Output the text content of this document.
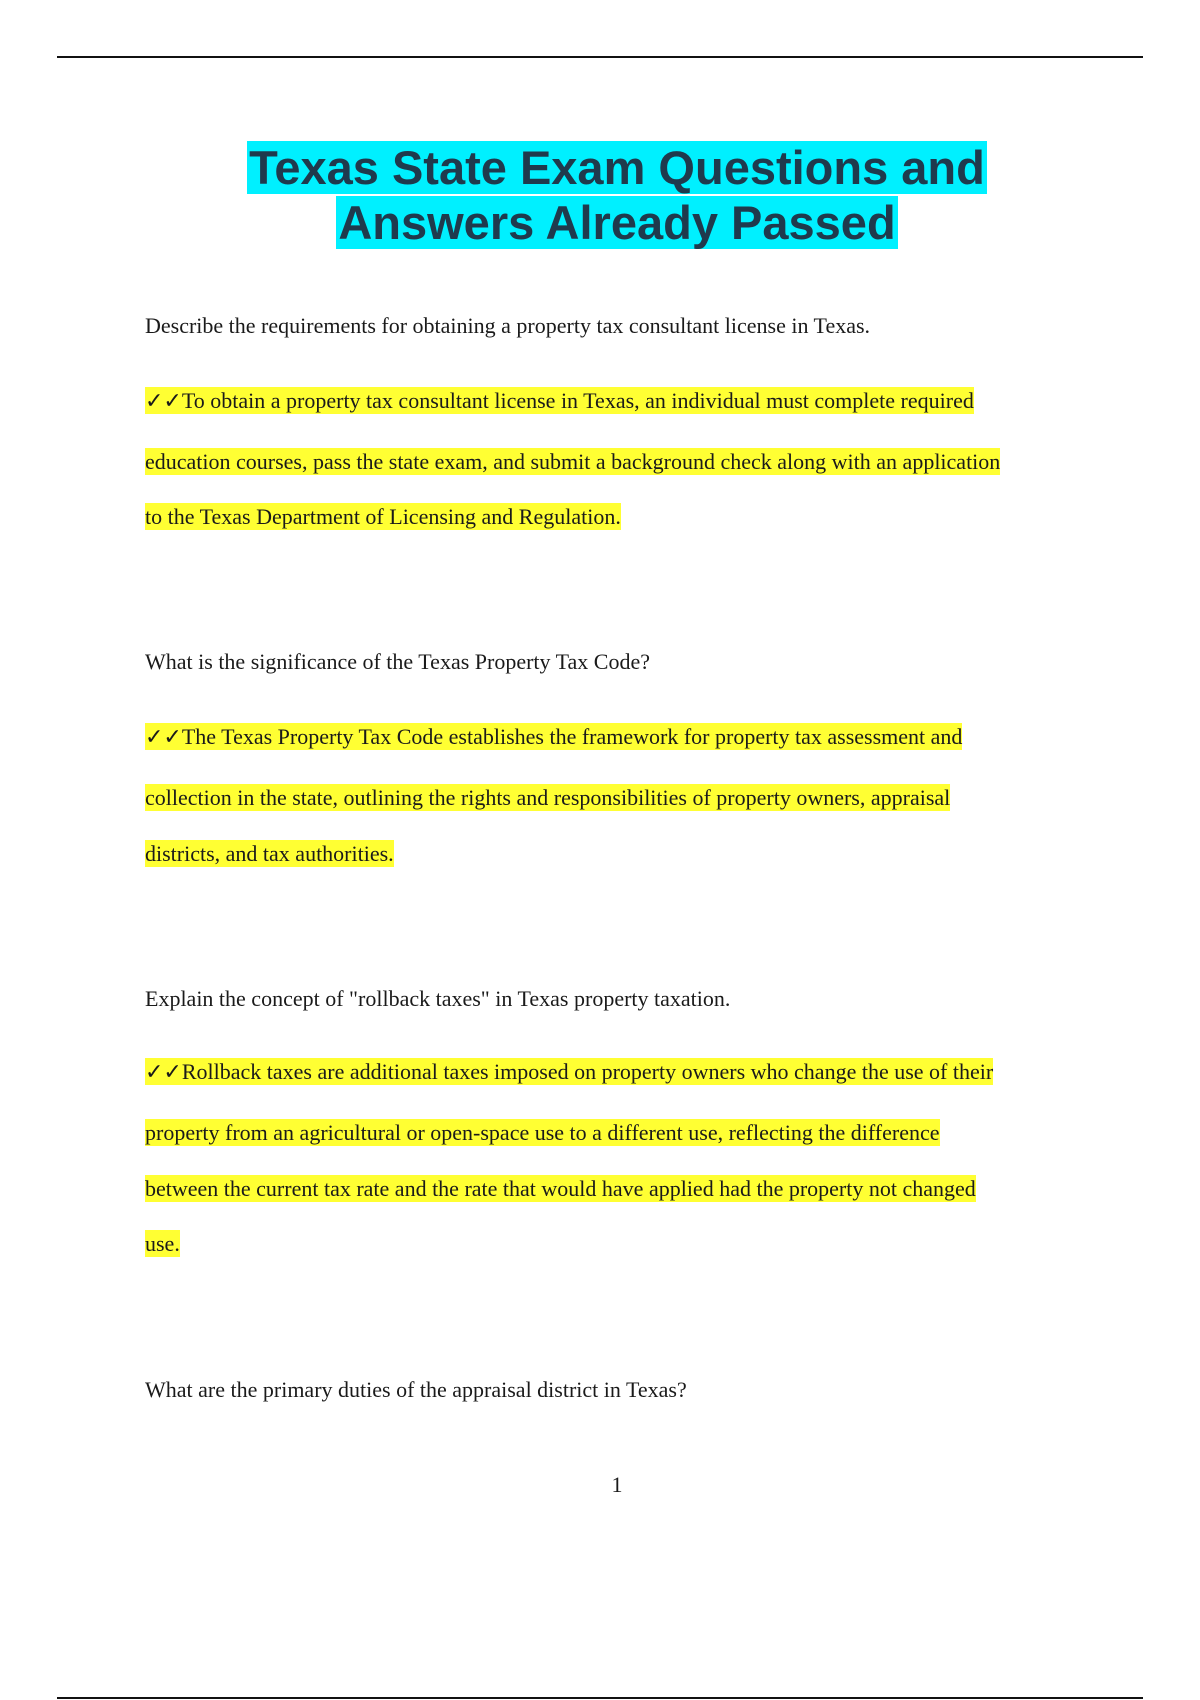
Texas State Exam Questions and
Answers Already Passed
Describe the requirements for obtaining a property tax consultant license in Texas.
✓✓To obtain a property tax consultant license in Texas, an individual must complete required
education courses, pass the state exam, and submit a background check along with an application
to the Texas Department of Licensing and Regulation.
What is the significance of the Texas Property Tax Code?
✓✓The Texas Property Tax Code establishes the framework for property tax assessment and
collection in the state, outlining the rights and responsibilities of property owners, appraisal
districts, and tax authorities.
Explain the concept of "rollback taxes" in Texas property taxation.
✓✓Rollback taxes are additional taxes imposed on property owners who change the use of their
property from an agricultural or open-space use to a different use, reflecting the difference
between the current tax rate and the rate that would have applied had the property not changed
use.
What are the primary duties of the appraisal district in Texas?
1
